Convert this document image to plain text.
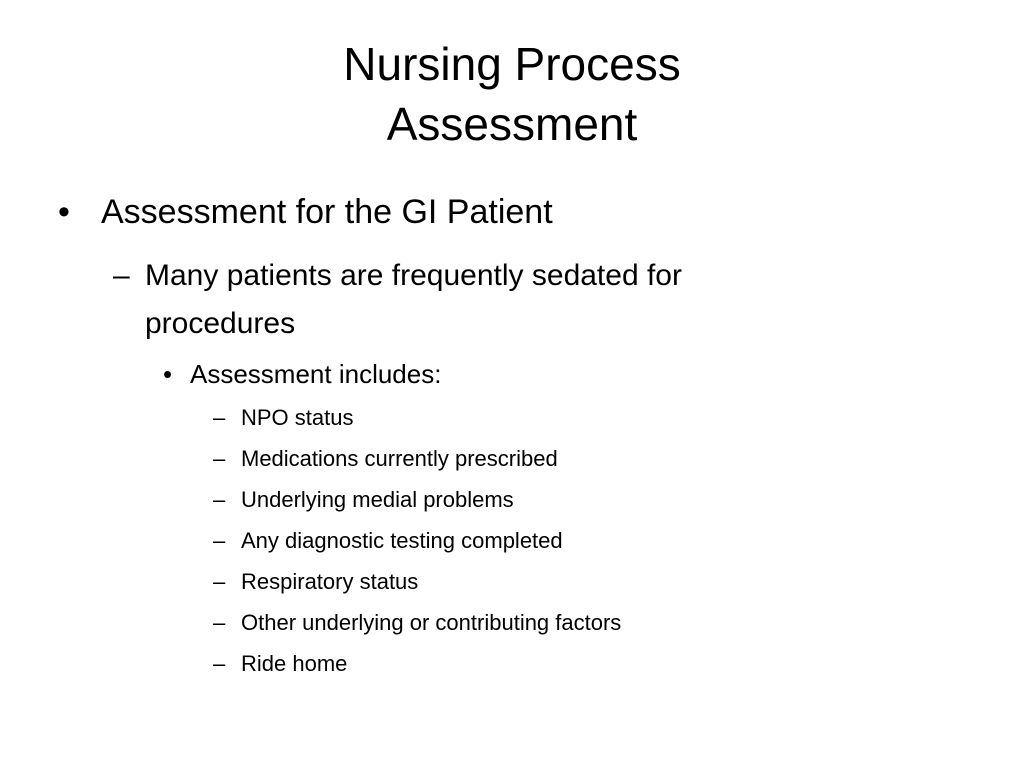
Nursing Process
Assessment
• Assessment for the GI Patient
– Many patients are frequently sedated for procedures
• Assessment includes:
– NPO status
– Medications currently prescribed
– Underlying medial problems
– Any diagnostic testing completed
– Respiratory status
– Other underlying or contributing factors
– Ride home
